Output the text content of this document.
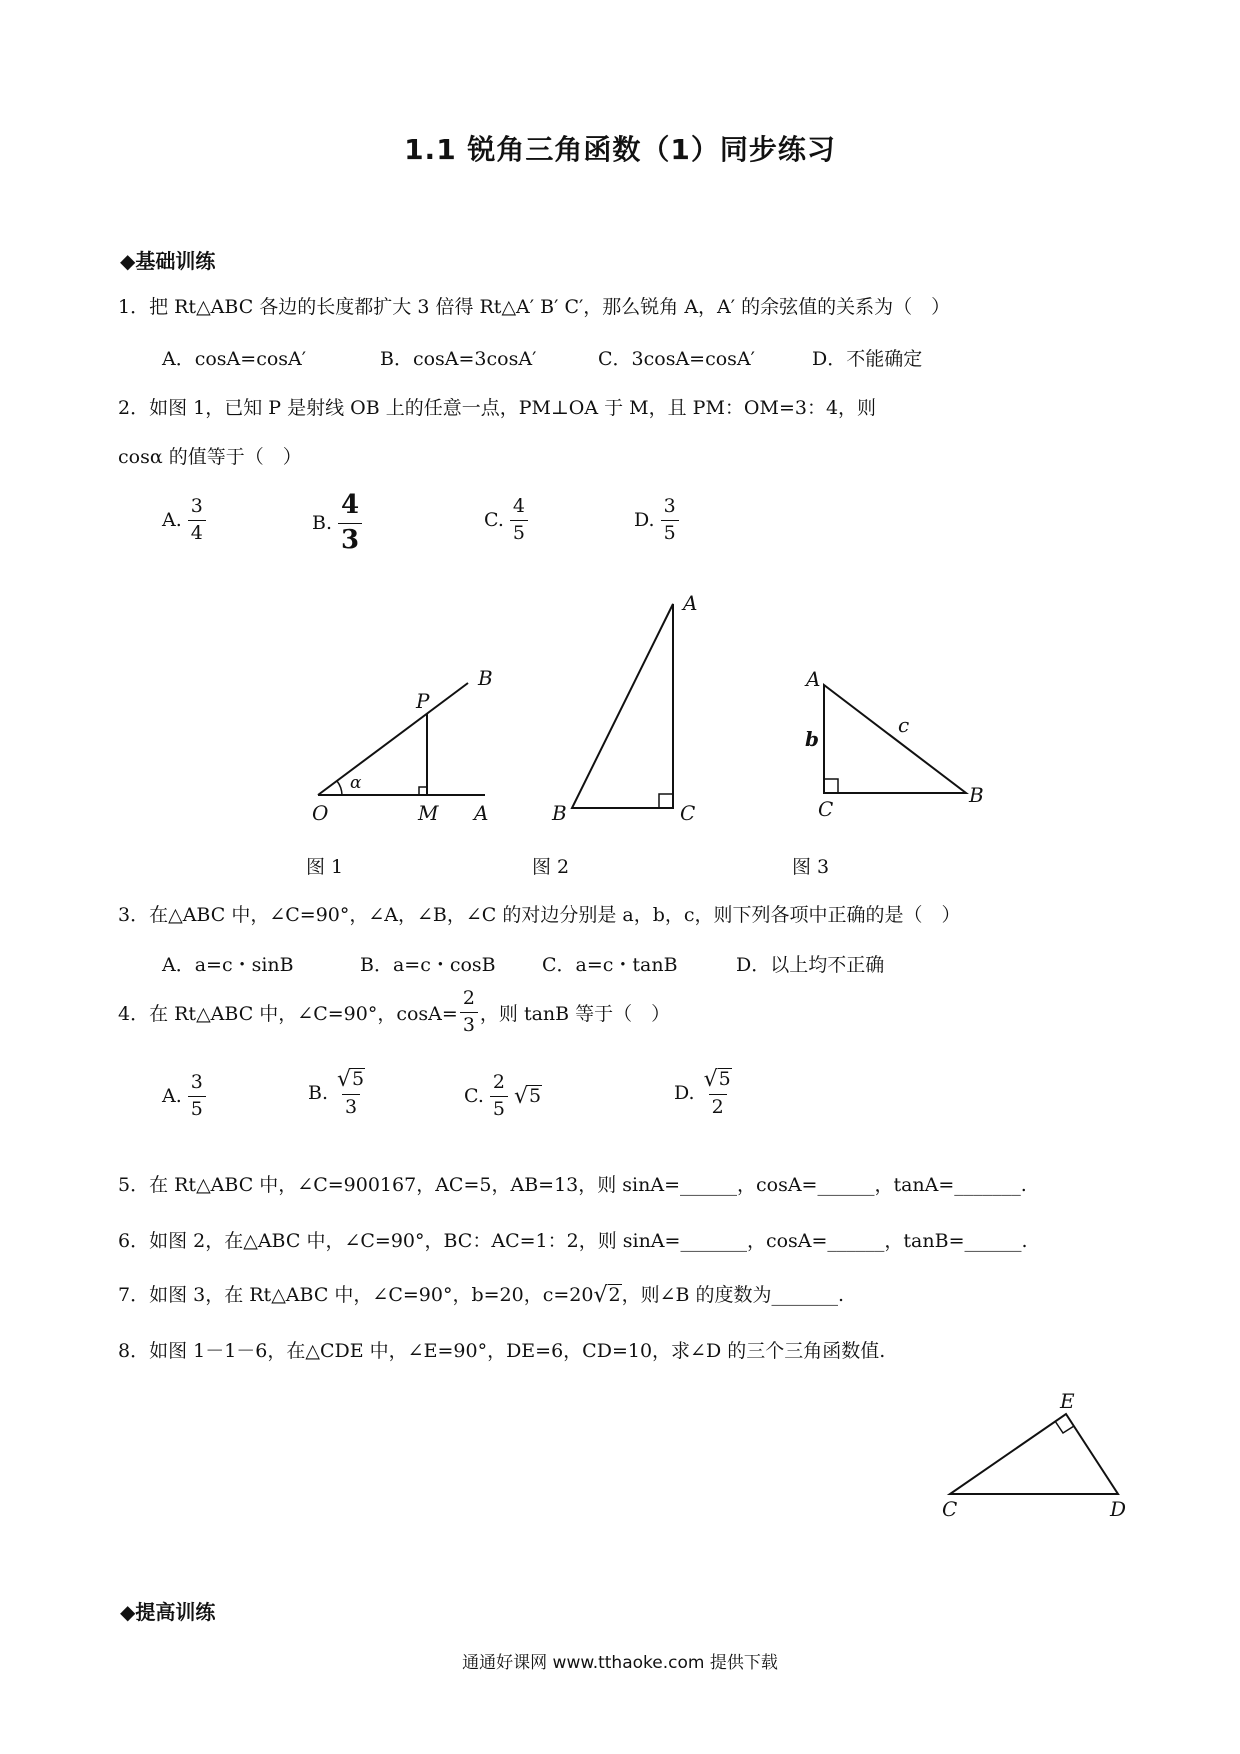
1.1 锐角三角函数（1）同步练习
◆基础训练
1．把 Rt△ABC 各边的长度都扩大 3 倍得 Rt△A′ B′ C′，那么锐角 A，A′ 的余弦值的关系为（　）
A．cosA=cosA′	B．cosA=3cosA′	C．3cosA=cosA′	D．不能确定
2．如图 1，已知 P 是射线 OB 上的任意一点，PM⊥OA 于 M，且 PM：OM=3：4，则
cosα 的值等于（　）
A. $\frac{3}{4}$	B. $\frac{4}{3}$	C. $\frac{4}{5}$	D. $\frac{3}{5}$
O	M A
P
B
α
A
B	C
A
C
B
b
c
图 1	图 2	图 3
3．在△ABC 中，∠C=90°，∠A，∠B，∠C 的对边分别是 a，b，c，则下列各项中正确的是（　）
A．a=c・sinB	B．a=c・cosB C．a=c・tanB	D．以上均不正确
4．在 Rt△ABC 中，∠C=90°，$\cos A= \frac{2}{3}$ ，则 tanB 等于（　）
A. $\frac{3}{5}$	B. $\frac{√ 5}{3}$	C. $\frac{2}{5}$ √ 5	D. $\frac{√ 5}{2}$
5．在 Rt△ABC 中，∠C=900167，AC=5，AB=13，则 sinA=______，cosA=______，tanA=_______.
6．如图 2，在△ABC 中，∠C=90°，BC：AC=1：2，则 sinA=_______，cosA=______，tanB=______.
7．如图 3，在 Rt△ABC 中，∠C=90°，b=20，c=20 √ 2 ，则∠B 的度数为_______.
8．如图 1－1－6，在△CDE 中，∠E=90°，DE=6，CD=10，求∠D 的三个三角函数值.
E
C	D
◆提高训练
通通好课网 www.tthaoke.com 提供下载
